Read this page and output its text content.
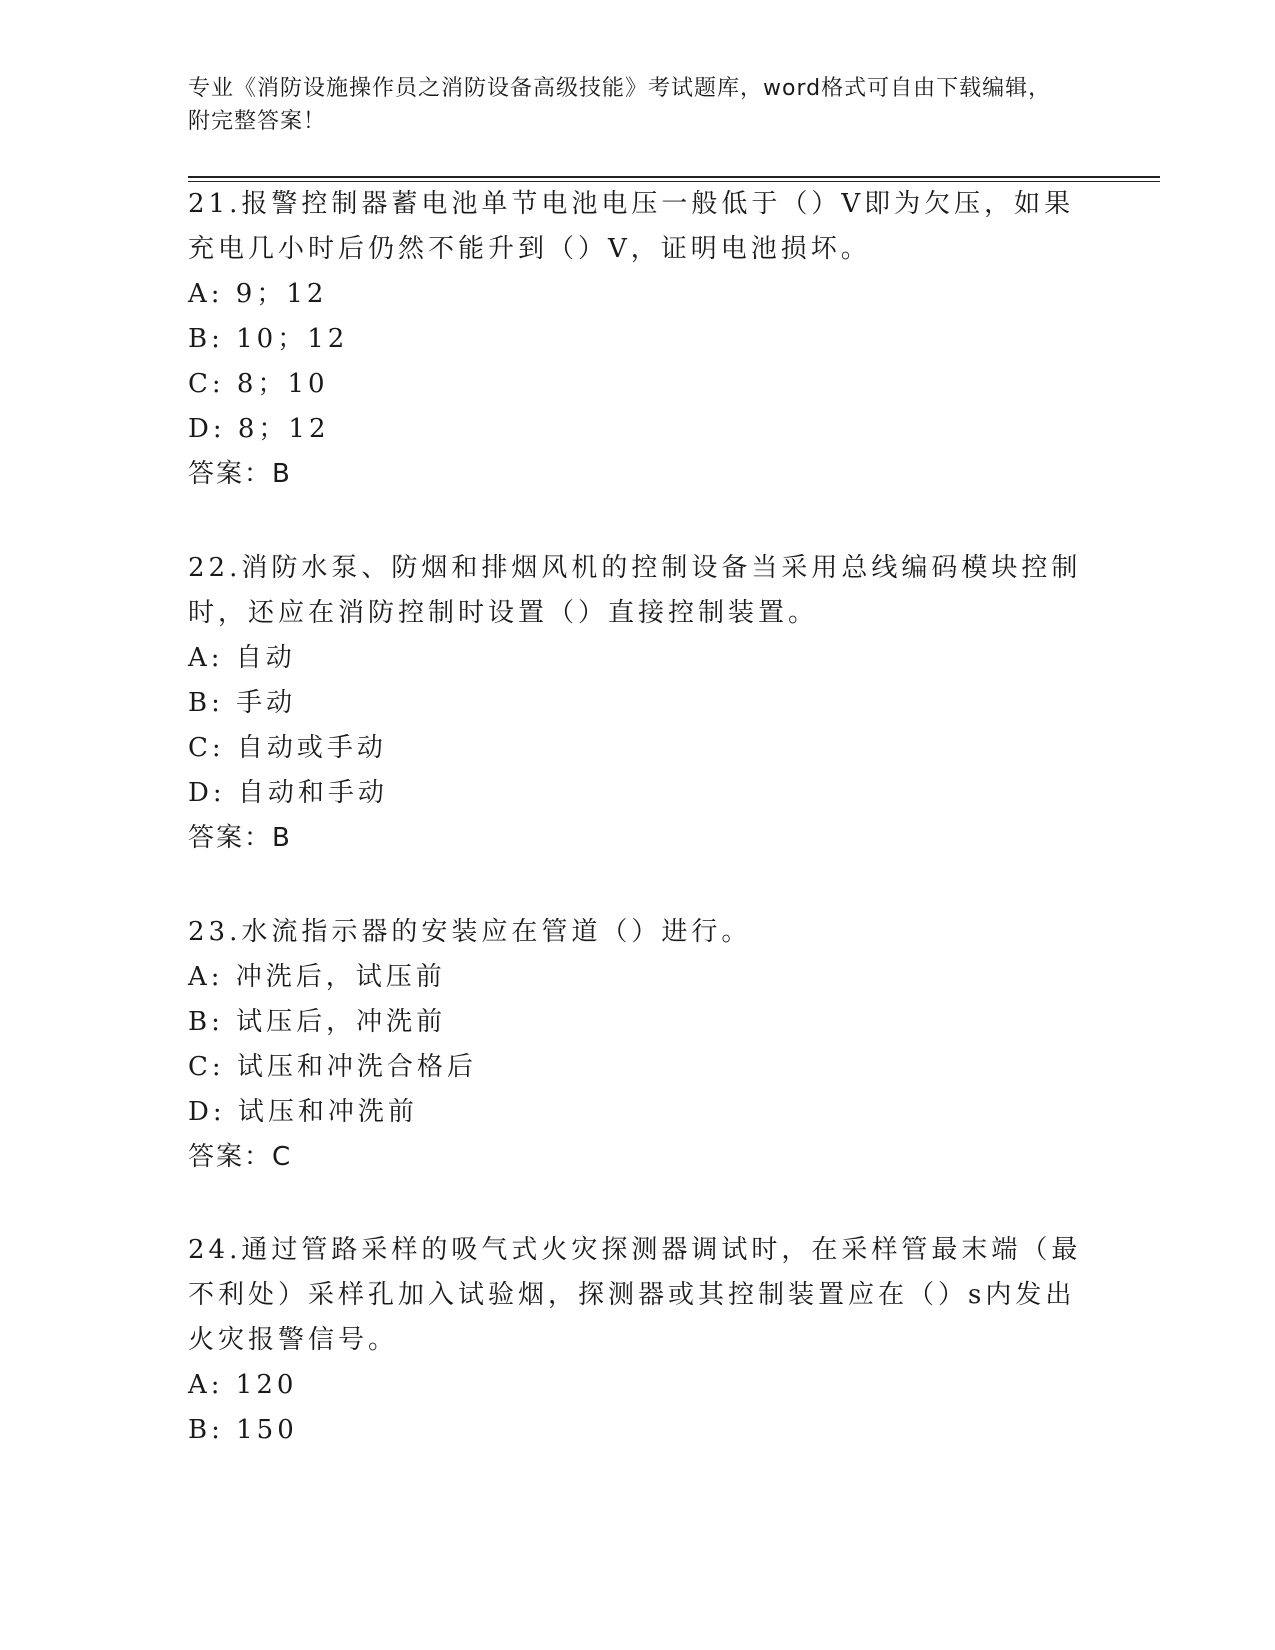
专业《消防设施操作员之消防设备高级技能》考试题库，word格式可自由下载编辑，附完整答案！

21.报警控制器蓄电池单节电池电压一般低于（）V即为欠压，如果充电几小时后仍然不能升到（）V，证明电池损坏。

A: 9；12

B: 10；12

C: 8；10

D: 8；12

答案：B

22.消防水泵、防烟和排烟风机的控制设备当采用总线编码模块控制时，还应在消防控制时设置（）直接控制装置。

A: 自动

B: 手动

C: 自动或手动

D: 自动和手动

答案：B

23.水流指示器的安装应在管道（）进行。

A: 冲洗后，试压前

B: 试压后，冲洗前

C: 试压和冲洗合格后

D: 试压和冲洗前

答案：C

24.通过管路采样的吸气式火灾探测器调试时，在采样管最末端（最不利处）采样孔加入试验烟，探测器或其控制装置应在（）s内发出火灾报警信号。

A: 120

B: 150
